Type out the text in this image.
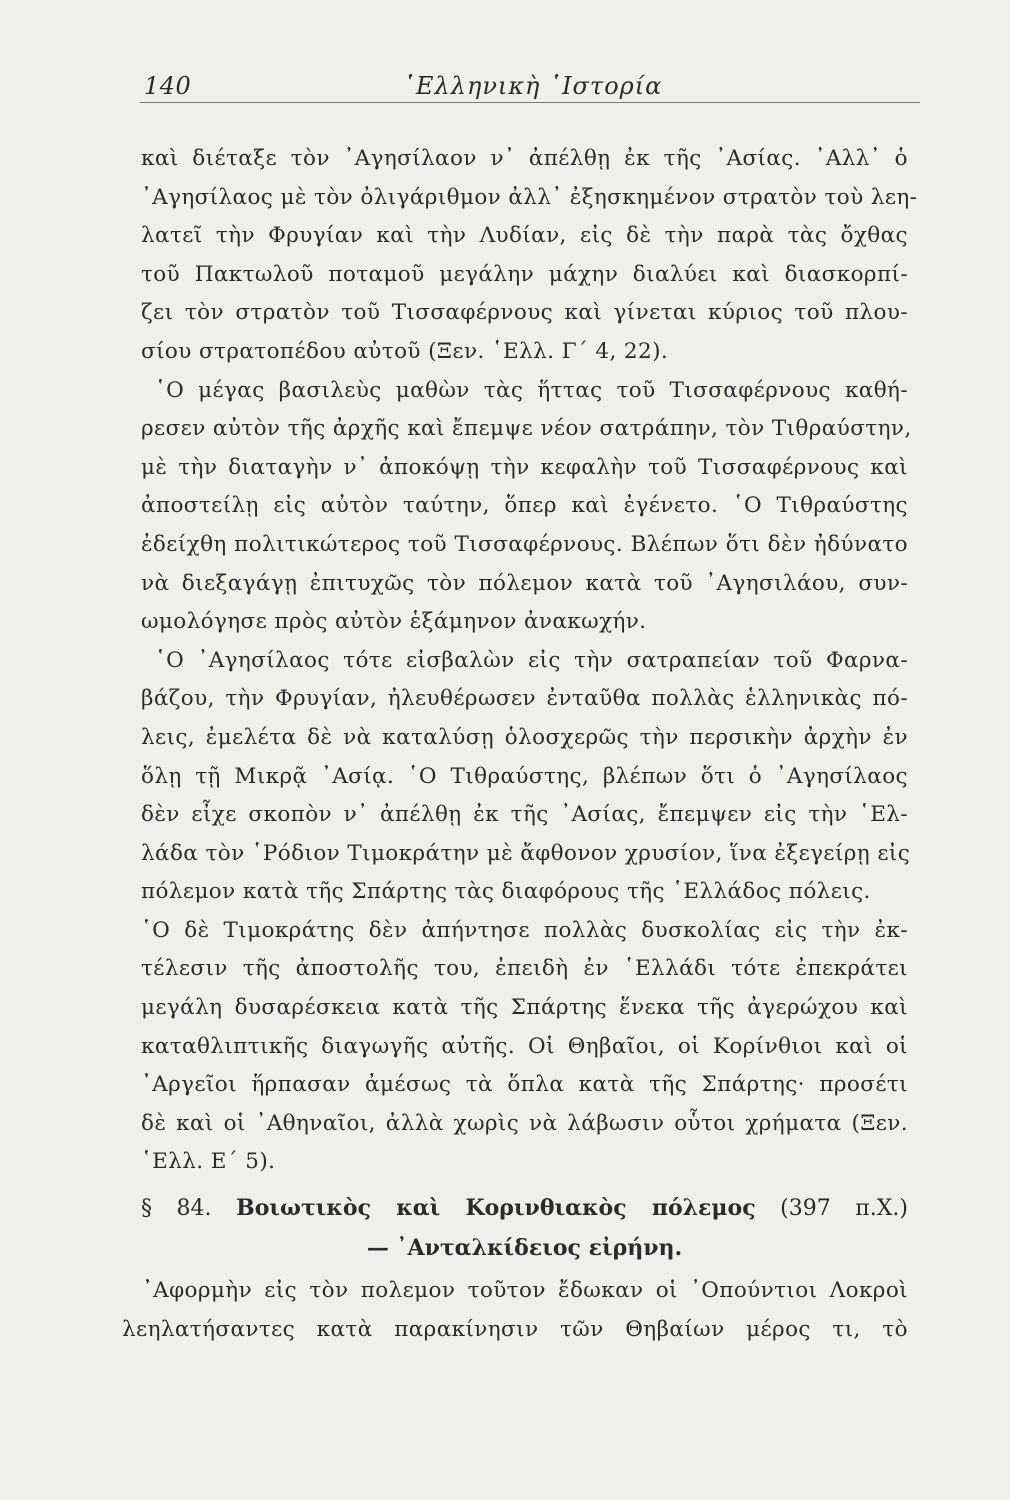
140	῾Ελληνικὴ ῾Ιστορία
καὶ διέταξε τὸν ᾿Αγησίλαον ν᾿ ἀπέλθῃ ἐκ τῆς ᾿Ασίας. ᾿Αλλ᾿ ὁ
᾿Αγησίλαος μὲ τὸν ὀλιγάριθμον ἀλλ᾿ ἐξησκημένον στρατὸν τοὺ λεη-
λατεῖ τὴν Φρυγίαν καὶ τὴν Λυδίαν, εἰς δὲ τὴν παρὰ τὰς ὄχθας
τοῦ Πακτωλοῦ ποταμοῦ μεγάλην μάχην διαλύει καὶ διασκορπί-
ζει τὸν στρατὸν τοῦ Τισσαφέρνους καὶ γίνεται κύριος τοῦ πλου-
σίου στρατοπέδου αὐτοῦ (Ξεν. ῾Ελλ. Γ΄ 4, 22).
῾Ο μέγας βασιλεὺς μαθὼν τὰς ἥττας τοῦ Τισσαφέρνους καθή-
ρεσεν αὐτὸν τῆς ἀρχῆς καὶ ἔπεμψε νέον σατράπην, τὸν Τιθραύστην,
μὲ τὴν διαταγὴν ν᾿ ἀποκόψῃ τὴν κεφαλὴν τοῦ Τισσαφέρνους καὶ
ἀποστείλῃ εἰς αὐτὸν ταύτην, ὅπερ καὶ ἐγένετο. ῾Ο Τιθραύστης
ἐδείχθη πολιτικώτερος τοῦ Τισσαφέρνους. Βλέπων ὅτι δὲν ἠδύνατο
νὰ διεξαγάγῃ ἐπιτυχῶς τὸν πόλεμον κατὰ τοῦ ᾿Αγησιλάου, συν-
ωμολόγησε πρὸς αὐτὸν ἑξάμηνον ἀνακωχήν.
῾Ο ᾿Αγησίλαος τότε εἰσβαλὼν εἰς τὴν σατραπείαν τοῦ Φαρνα-
βάζου, τὴν Φρυγίαν, ἠλευθέρωσεν ἐνταῦθα πολλὰς ἑλληνικὰς πό-
λεις, ἐμελέτα δὲ νὰ καταλύσῃ ὁλοσχερῶς τὴν περσικὴν ἀρχὴν ἐν
ὅλῃ τῇ Μικρᾷ ᾿Ασίᾳ. ῾Ο Τιθραύστης, βλέπων ὅτι ὁ ᾿Αγησίλαος
δὲν εἶχε σκοπὸν ν᾿ ἀπέλθῃ ἐκ τῆς ᾿Ασίας, ἔπεμψεν εἰς τὴν ῾Ελ-
λάδα τὸν ῾Ρόδιον Τιμοκράτην μὲ ἄφθονον χρυσίον, ἵνα ἐξεγείρῃ εἰς
πόλεμον κατὰ τῆς Σπάρτης τὰς διαφόρους τῆς ῾Ελλάδος πόλεις.
῾Ο δὲ Τιμοκράτης δὲν ἀπήντησε πολλὰς δυσκολίας εἰς τὴν ἐκ-
τέλεσιν τῆς ἀποστολῆς του, ἐπειδὴ ἐν ῾Ελλάδι τότε ἐπεκράτει
μεγάλη δυσαρέσκεια κατὰ τῆς Σπάρτης ἕνεκα τῆς ἀγερώχου καὶ
καταθλιπτικῆς διαγωγῆς αὐτῆς. Οἱ Θηβαῖοι, οἱ Κορίνθιοι καὶ οἱ
᾿Αργεῖοι ἥρπασαν ἀμέσως τὰ ὅπλα κατὰ τῆς Σπάρτης· προσέτι
δὲ καὶ οἱ ᾿Αθηναῖοι, ἀλλὰ χωρὶς νὰ λάβωσιν οὗτοι χρήματα (Ξεν.
῾Ελλ. Ε΄ 5).
§ 84. Βοιωτικὸς καὶ Κορινθιακὸς πόλεμος (397 π.Χ.)
— ᾿Ανταλκίδειος εἰρήνη.
᾿Αφορμὴν εἰς τὸν πολεμον τοῦτον ἔδωκαν οἱ ᾿Οπούντιοι Λοκροὶ
λεηλατήσαντες κατὰ παρακίνησιν τῶν Θηβαίων μέρος τι, τὸ
